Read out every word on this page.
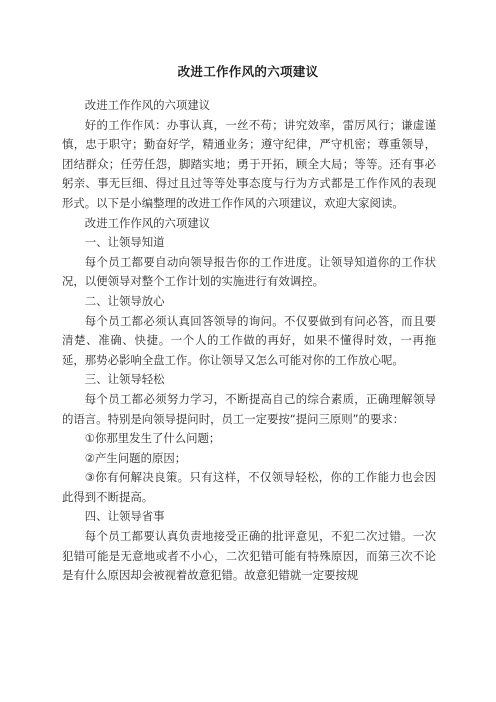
改进工作作风的六项建议

改进工作作风的六项建议

好的工作作风：办事认真，一丝不苟；讲究效率，雷厉风行；谦虚谨慎，忠于职守；勤奋好学，精通业务；遵守纪律，严守机密；尊重领导，团结群众；任劳任怨，脚踏实地；勇于开拓，顾全大局；等等。还有事必躬亲、事无巨细、得过且过等等处事态度与行为方式都是工作作风的表现形式。以下是小编整理的改进工作作风的六项建议，欢迎大家阅读。

改进工作作风的六项建议

一、让领导知道

每个员工都要自动向领导报告你的工作进度。让领导知道你的工作状况，以便领导对整个工作计划的实施进行有效调控。

二、让领导放心

每个员工都必须认真回答领导的询问。不仅要做到有问必答，而且要清楚、准确、快捷。一个人的工作做的再好，如果不懂得时效，一再拖延，那势必影响全盘工作。你让领导又怎么可能对你的工作放心呢。

三、让领导轻松

每个员工都必须努力学习，不断提高自己的综合素质，正确理解领导的语言。特别是向领导提问时，员工一定要按“提问三原则”的要求：

①你那里发生了什么问题；

②产生问题的原因；

③你有何解决良策。只有这样，不仅领导轻松，你的工作能力也会因此得到不断提高。

四、让领导省事

每个员工都要认真负责地接受正确的批评意见，不犯二次过错。一次犯错可能是无意地或者不小心，二次犯错可能有特殊原因，而第三次不论是有什么原因却会被视着故意犯错。故意犯错就一定要按规
